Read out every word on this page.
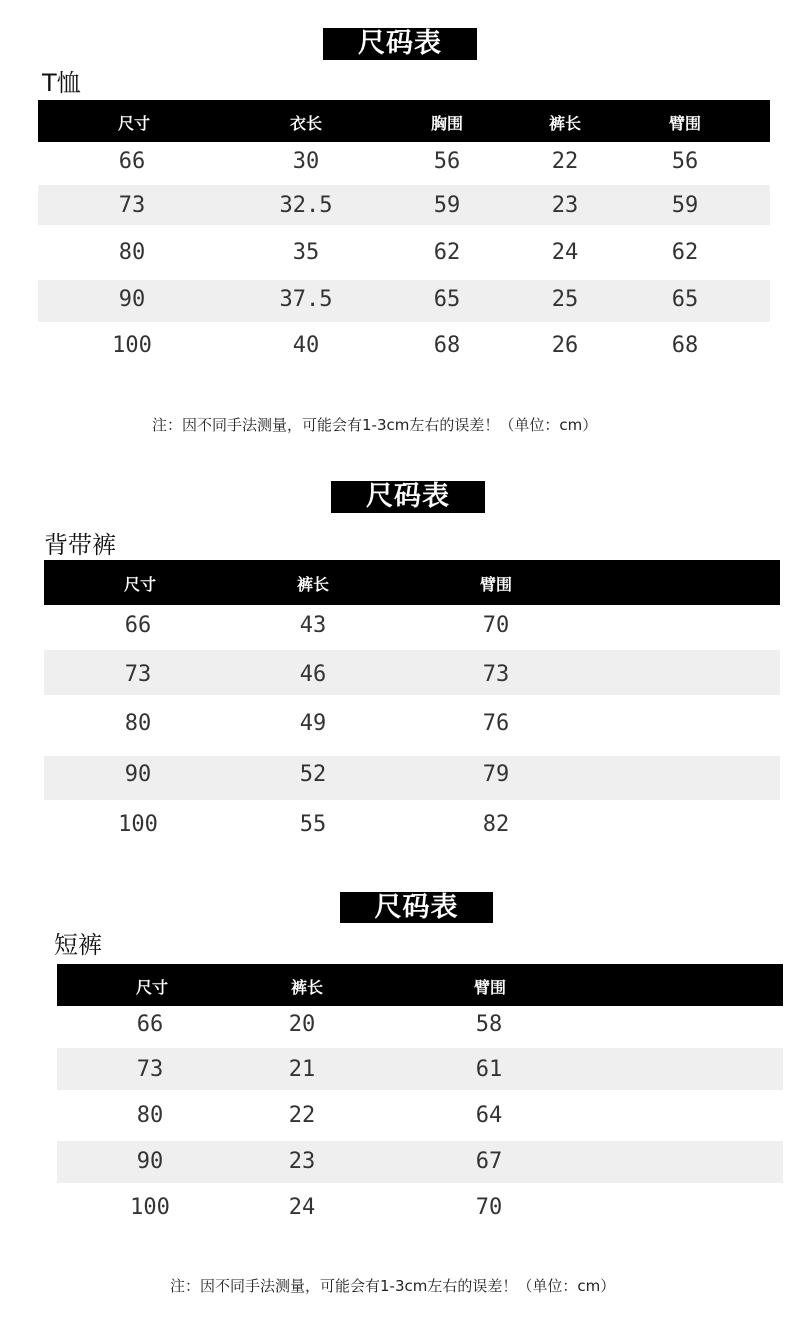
尺码表
T恤
尺寸	衣长	胸围	裤长	臂围
66	30	56	22	56
73	32.5	59	23	59
80	35	62	24	62
90	37.5	65	25	65
100	40	68	26	68
注：因不同手法测量，可能会有1-3cm左右的误差！（单位：cm）
尺码表
背带裤
尺寸	裤长	臂围
66	43	70
73	46	73
80	49	76
90	52	79
100	55	82
尺码表
短裤
尺寸	裤长	臂围
66	20	58
73	21	61
80	22	64
90	23	67
100	24	70
注：因不同手法测量，可能会有1-3cm左右的误差！（单位：cm）
